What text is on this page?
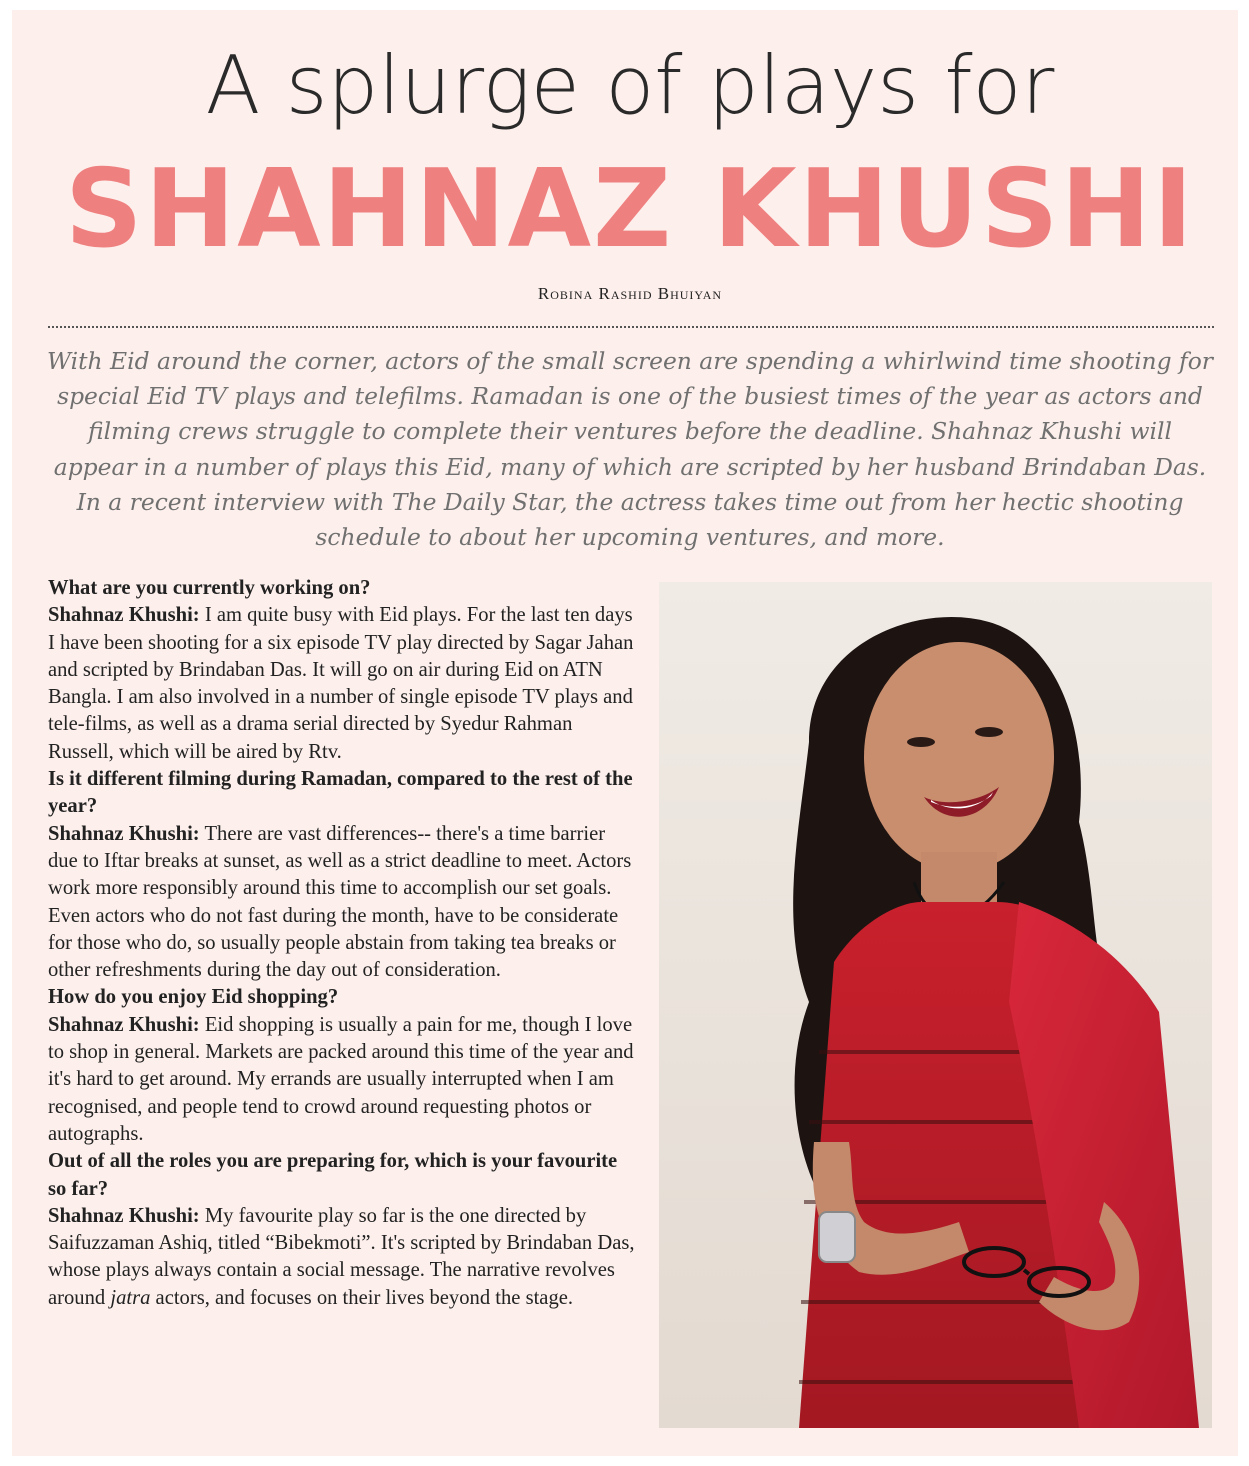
A splurge of plays for
SHAHNAZ KHUSHI
Robina Rashid Bhuiyan
With Eid around the corner, actors of the small screen are spending a whirlwind time shooting for special Eid TV plays and telefilms. Ramadan is one of the busiest times of the year as actors and filming crews struggle to complete their ventures before the deadline. Shahnaz Khushi will appear in a number of plays this Eid, many of which are scripted by her husband Brindaban Das. In a recent interview with The Daily Star, the actress takes time out from her hectic shooting schedule to about her upcoming ventures, and more.

What are you currently working on?

Shahnaz Khushi: I am quite busy with Eid plays. For the last ten days I have been shooting for a six episode TV play directed by Sagar Jahan and scripted by Brindaban Das. It will go on air during Eid on ATN Bangla. I am also involved in a number of single episode TV plays and tele-films, as well as a drama serial directed by Syedur Rahman Russell, which will be aired by Rtv.

Is it different filming during Ramadan, compared to the rest of the year?

Shahnaz Khushi: There are vast differences-- there's a time barrier due to Iftar breaks at sunset, as well as a strict deadline to meet. Actors work more responsibly around this time to accomplish our set goals. Even actors who do not fast during the month, have to be considerate for those who do, so usually people abstain from taking tea breaks or other refreshments during the day out of consideration.

How do you enjoy Eid shopping?

Shahnaz Khushi: Eid shopping is usually a pain for me, though I love to shop in general. Markets are packed around this time of the year and it's hard to get around. My errands are usually interrupted when I am recognised, and people tend to crowd around requesting photos or autographs.

Out of all the roles you are preparing for, which is your favourite so far?

Shahnaz Khushi: My favourite play so far is the one directed by Saifuzzaman Ashiq, titled “Bibekmoti”. It's scripted by Brindaban Das, whose plays always contain a social message. The narrative revolves around jatra actors, and focuses on their lives beyond the stage.
